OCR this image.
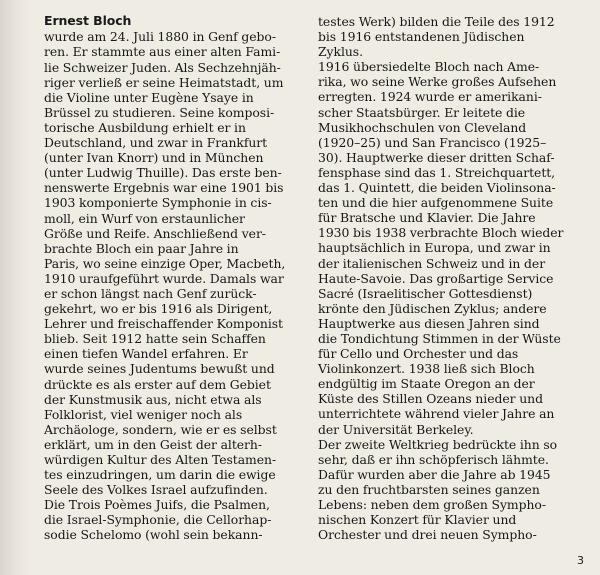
Ernest Bloch
wurde am 24. Juli 1880 in Genf gebo-
ren. Er stammte aus einer alten Fami-
lie Schweizer Juden. Als Sechzehnjäh-
riger verließ er seine Heimatstadt, um
die Violine unter Eugène Ysaye in
Brüssel zu studieren. Seine komposi-
torische Ausbildung erhielt er in
Deutschland, und zwar in Frankfurt
(unter Ivan Knorr) und in München
(unter Ludwig Thuille). Das erste ben-
nenswerte Ergebnis war eine 1901 bis
1903 komponierte Symphonie in cis-
moll, ein Wurf von erstaunlicher
Größe und Reife. Anschließend ver-
brachte Bloch ein paar Jahre in
Paris, wo seine einzige Oper, Macbeth,
1910 uraufgeführt wurde. Damals war
er schon längst nach Genf zurück-
gekehrt, wo er bis 1916 als Dirigent,
Lehrer und freischaffender Komponist
blieb. Seit 1912 hatte sein Schaffen
einen tiefen Wandel erfahren. Er
wurde seines Judentums bewußt und
drückte es als erster auf dem Gebiet
der Kunstmusik aus, nicht etwa als
Folklorist, viel weniger noch als
Archäologe, sondern, wie er es selbst
erklärt, um in den Geist der alterh-
würdigen Kultur des Alten Testamen-
tes einzudringen, um darin die ewige
Seele des Volkes Israel aufzufinden.
Die Trois Poèmes Juifs, die Psalmen,
die Israel-Symphonie, die Cellorhap-
sodie Schelomo (wohl sein bekann-
testes Werk) bilden die Teile des 1912
bis 1916 entstandenen Jüdischen
Zyklus.
1916 übersiedelte Bloch nach Ame-
rika, wo seine Werke großes Aufsehen
erregten. 1924 wurde er amerikani-
scher Staatsbürger. Er leitete die
Musikhochschulen von Cleveland
(1920–25) und San Francisco (1925–
30). Hauptwerke dieser dritten Schaf-
fensphase sind das 1. Streichquartett,
das 1. Quintett, die beiden Violinsona-
ten und die hier aufgenommene Suite
für Bratsche und Klavier. Die Jahre
1930 bis 1938 verbrachte Bloch wieder
hauptsächlich in Europa, und zwar in
der italienischen Schweiz und in der
Haute-Savoie. Das großartige Service
Sacré (Israelitischer Gottesdienst)
krönte den Jüdischen Zyklus; andere
Hauptwerke aus diesen Jahren sind
die Tondichtung Stimmen in der Wüste
für Cello und Orchester und das
Violinkonzert. 1938 ließ sich Bloch
endgültig im Staate Oregon an der
Küste des Stillen Ozeans nieder und
unterrichtete während vieler Jahre an
der Universität Berkeley.
Der zweite Weltkrieg bedrückte ihn so
sehr, daß er ihn schöpferisch lähmte.
Dafür wurden aber die Jahre ab 1945
zu den fruchtbarsten seines ganzen
Lebens: neben dem großen Sympho-
nischen Konzert für Klavier und
Orchester und drei neuen Sympho-
3
